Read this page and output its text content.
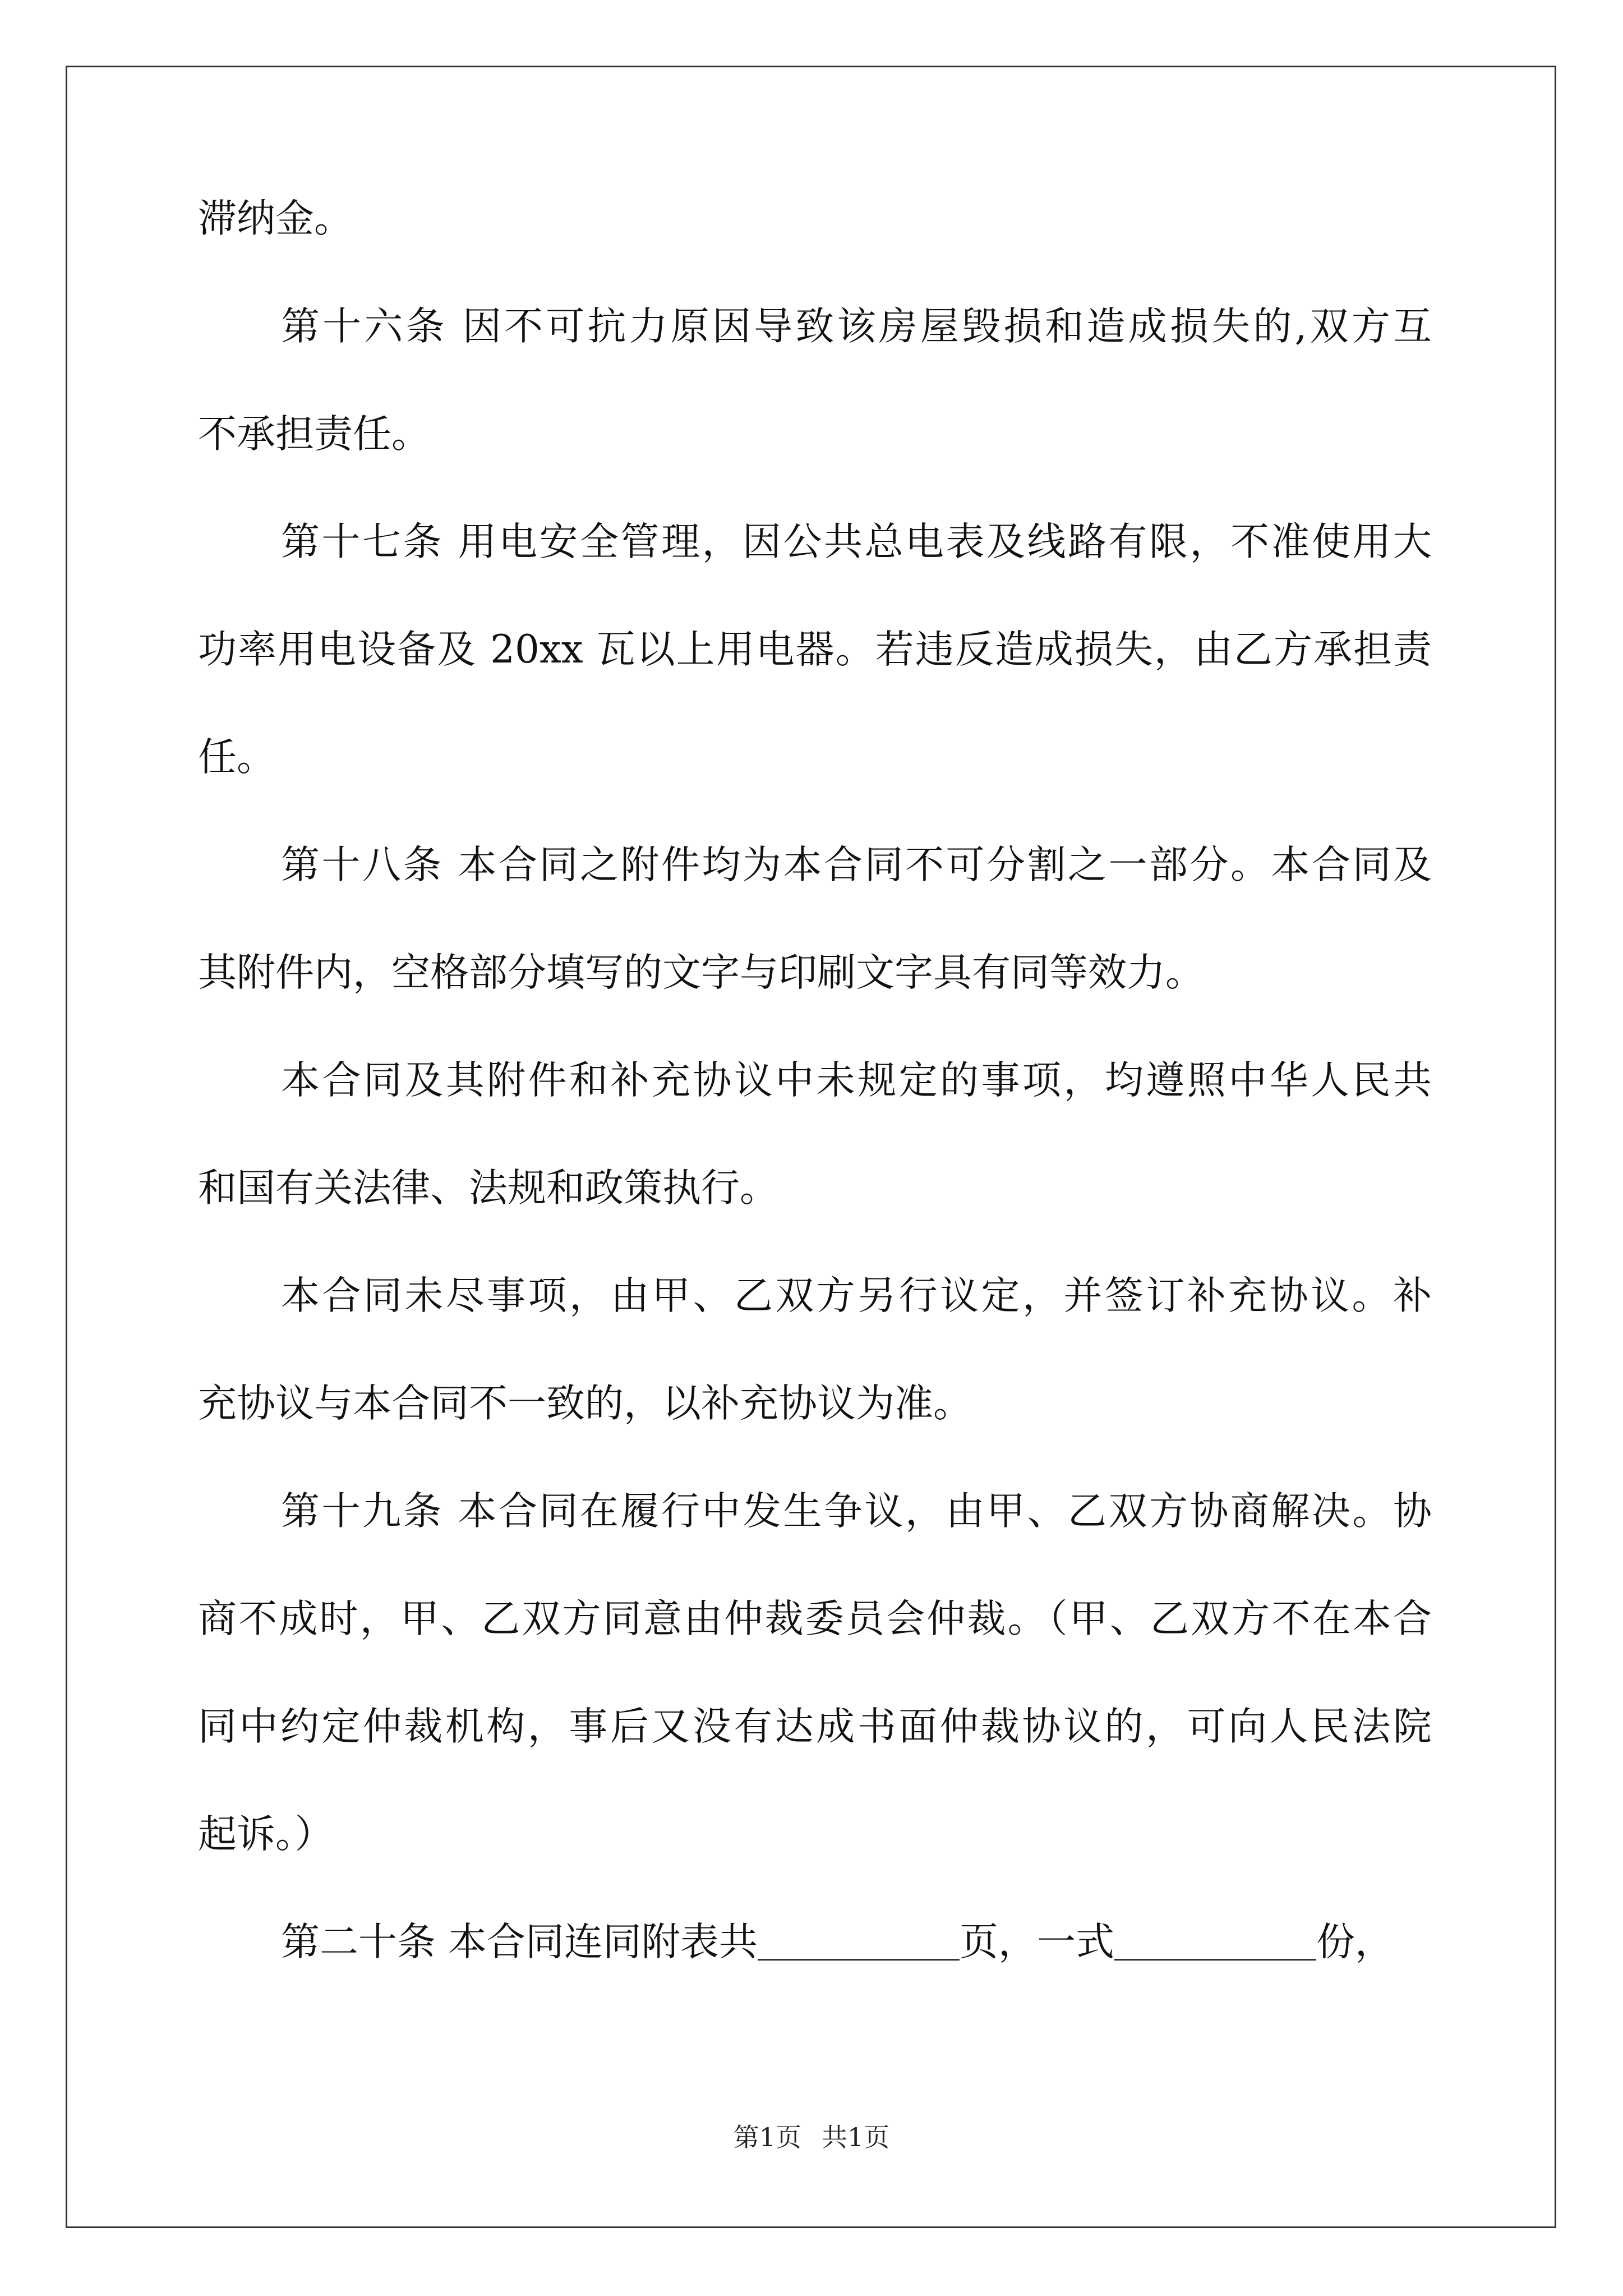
滞纳金。
第十六条 因不可抗力原因导致该房屋毁损和造成损失的,双方互
不承担责任。
第十七条 用电安全管理，因公共总电表及线路有限，不准使用大
功率用电设备及 20xx 瓦以上用电器。若违反造成损失，由乙方承担责
任。
第十八条 本合同之附件均为本合同不可分割之一部分。本合同及
其附件内，空格部分填写的文字与印刷文字具有同等效力。
本合同及其附件和补充协议中未规定的事项，均遵照中华人民共
和国有关法律、法规和政策执行。
本合同未尽事项，由甲、乙双方另行议定，并签订补充协议。补
充协议与本合同不一致的，以补充协议为准。
第十九条 本合同在履行中发生争议，由甲、乙双方协商解决。协
商不成时，甲、乙双方同意由仲裁委员会仲裁。（甲、乙双方不在本合
同中约定仲裁机构，事后又没有达成书面仲裁协议的，可向人民法院
起诉。）
第二十条 本合同连同附表共	页，一式	份，
第1页 共1页
